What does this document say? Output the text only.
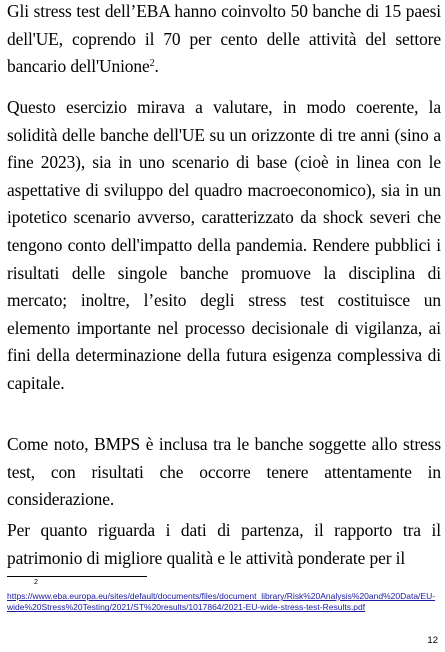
Gli stress test dell’EBA hanno coinvolto 50 banche di 15 paesi dell'UE, coprendo il 70 per cento delle attività del settore bancario dell'Unione$^2$.

Questo esercizio mirava a valutare, in modo coerente, la solidità delle banche dell'UE su un orizzonte di tre anni (sino a fine 2023), sia in uno scenario di base (cioè in linea con le aspettative di sviluppo del quadro macroeconomico), sia in un ipotetico scenario avverso, caratterizzato da shock severi che tengono conto dell'impatto della pandemia. Rendere pubblici i risultati delle singole banche promuove la disciplina di mercato; inoltre, l’esito degli stress test costituisce un elemento importante nel processo decisionale di vigilanza, ai fini della determinazione della futura esigenza complessiva di capitale.

Come noto, BMPS è inclusa tra le banche soggette allo stress test, con risultati che occorre tenere attentamente in considerazione.

Per quanto riguarda i dati di partenza, il rapporto tra il patrimonio di migliore qualità e le attività ponderate per il

2

https://www.eba.europa.eu/sites/default/documents/files/document_library/Risk%20Analysis%20and%20Data/EU-wide%20Stress%20Testing/2021/ST%20results/1017864/2021-EU-wide-stress-test-Results.pdf

12
